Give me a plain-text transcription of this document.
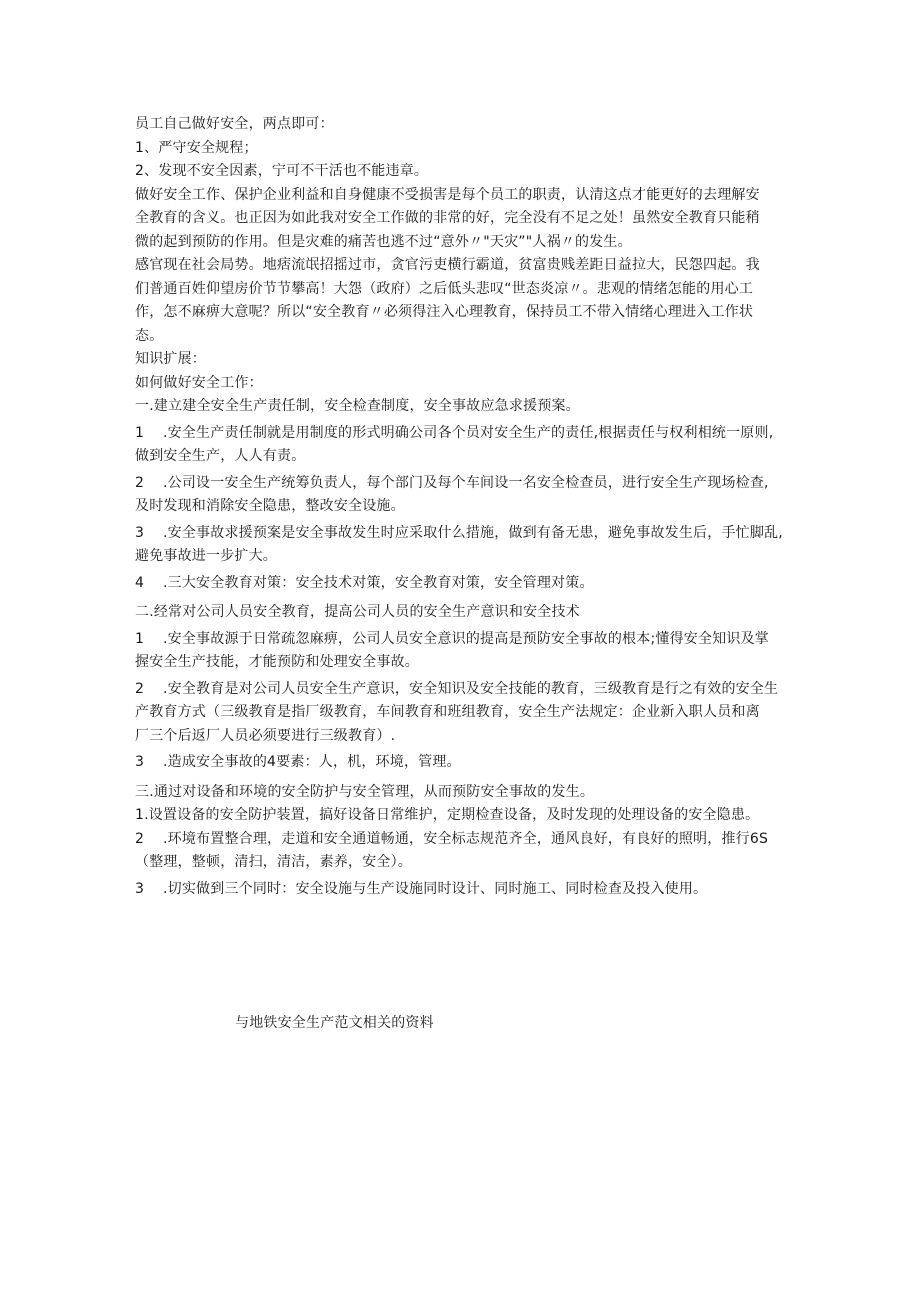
员工自己做好安全，两点即可：

1、严守安全规程；

2、发现不安全因素，宁可不干活也不能违章。

做好安全工作、保护企业利益和自身健康不受损害是每个员工的职责，认清这点才能更好的去理解安

全教育的含义。也正因为如此我对安全工作做的非常的好，完全没有不足之处！虽然安全教育只能稍

微的起到预防的作用。但是灾难的痛苦也逃不过“意外〃"天灾”"人祸〃的发生。

感官现在社会局势。地痞流氓招摇过市，贪官污吏横行霸道，贫富贵贱差距日益拉大，民怨四起。我

们普通百姓仰望房价节节攀高！大怨（政府）之后低头悲叹“世态炎凉〃。悲观的情绪怎能的用心工

作，怎不麻痹大意呢？所以“安全教育〃必须得注入心理教育，保持员工不带入情绪心理进入工作状

态。

知识扩展：

如何做好安全工作：

一.建立建全安全生产责任制，安全检查制度，安全事故应急求援预案。

1 .安全生产责任制就是用制度的形式明确公司各个员对安全生产的责任,根据责任与权利相统一原则,

做到安全生产，人人有责。

2 .公司设一安全生产统筹负责人，每个部门及每个车间设一名安全检查员，进行安全生产现场检查,

及时发现和消除安全隐患，整改安全设施。

3 .安全事故求援预案是安全事故发生时应采取什么措施，做到有备无患，避免事故发生后，手忙脚乱,

避免事故进一步扩大。

4 .三大安全教育对策：安全技术对策，安全教育对策，安全管理对策。

二.经常对公司人员安全教育，提高公司人员的安全生产意识和安全技术

1 .安全事故源于日常疏忽麻痹，公司人员安全意识的提高是预防安全事故的根本;懂得安全知识及掌

握安全生产技能，才能预防和处理安全事故。

2 .安全教育是对公司人员安全生产意识，安全知识及安全技能的教育，三级教育是行之有效的安全生

产教育方式（三级教育是指厂级教育，车间教育和班组教育，安全生产法规定：企业新入职人员和离

厂三个后返厂人员必须要进行三级教育）.

3 .造成安全事故的4要素：人，机，环境，管理。

三.通过对设备和环境的安全防护与安全管理，从而预防安全事故的发生。

1.设置设备的安全防护装置，搞好设备日常维护，定期检查设备，及时发现的处理设备的安全隐患。

2 .环境布置整合理，走道和安全通道畅通，安全标志规范齐全，通风良好，有良好的照明，推行6S

（整理，整顿，清扫，清洁，素养，安全）。

3 .切实做到三个同时：安全设施与生产设施同时设计、同时施工、同时检查及投入使用。

与地铁安全生产范文相关的资料
